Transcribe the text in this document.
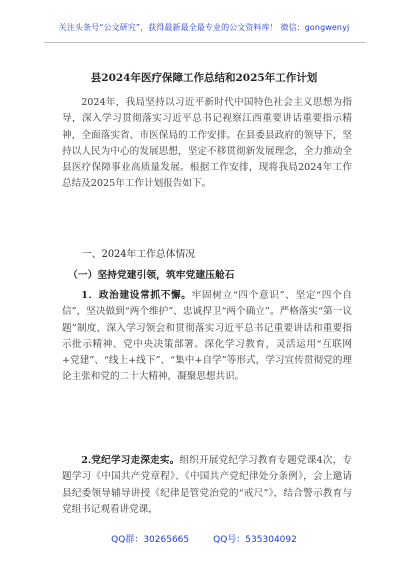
关注头条号“公文研究”，获得最新最全最专业的公文资料库！ 微信：gongwenyj
县2024年医疗保障工作总结和2025年工作计划
2024年，我局坚持以习近平新时代中国特色社会主义思想为指导，深入学习贯彻落实习近平总书记视察江西重要讲话重要指示精神，全面落实省、市医保局的工作安排。在县委县政府的领导下，坚持以人民为中心的发展思想，坚定不移贯彻新发展理念，全力推动全县医疗保障事业高质量发展。根据工作安排，现将我局2024年工作总结及2025年工作计划报告如下。
一、2024年工作总体情况
（一）坚持党建引领，筑牢党建压舱石
1．政治建设常抓不懈。牢固树立“四个意识”、坚定“四个自信”，坚决做到“两个维护”、忠诚捍卫“两个确立”。严格落实“第一议题”制度，深入学习领会和贯彻落实习近平总书记重要讲话和重要指示批示精神、党中央决策部署。深化学习教育，灵活运用“互联网+党建”、“线上+线下”、“集中+自学”等形式，学习宣传贯彻党的理论主张和党的二十大精神，凝聚思想共识。
2.党纪学习走深走实。组织开展党纪学习教育专题党课4次，专题学习《中国共产党章程》、《中国共产党纪律处分条例》，会上邀请县纪委领导辅导讲授《纪律是管党治党的“戒尺”》，结合警示教育与党组书记观看讲党课，
QQ群：30265665	QQ号：535304092
